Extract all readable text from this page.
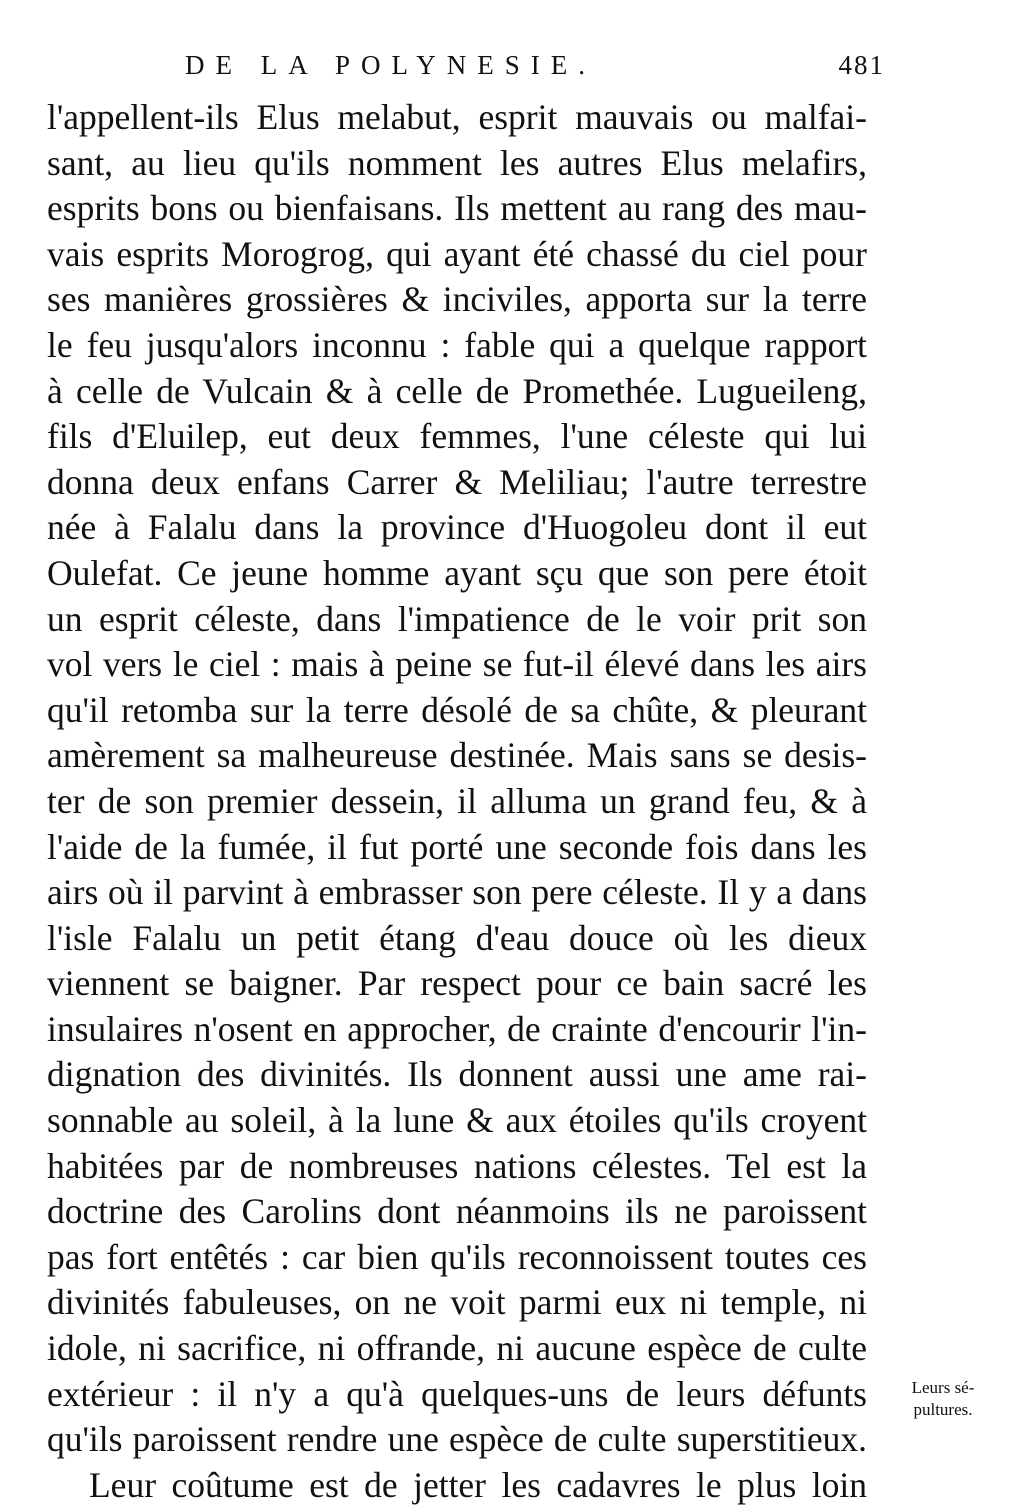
DE LA POLYNESIE.	481
l'appellent-ils Elus melabut, esprit mauvais ou malfai-
sant, au lieu qu'ils nomment les autres Elus melafirs,
esprits bons ou bienfaisans. Ils mettent au rang des mau-
vais esprits Morogrog, qui ayant été chassé du ciel pour
ses manières grossières & inciviles, apporta sur la terre
le feu jusqu'alors inconnu : fable qui a quelque rapport
à celle de Vulcain & à celle de Promethée. Lugueileng,
fils d'Eluilep, eut deux femmes, l'une céleste qui lui
donna deux enfans Carrer & Meliliau; l'autre terrestre
née à Falalu dans la province d'Huogoleu dont il eut
Oulefat. Ce jeune homme ayant sçu que son pere étoit
un esprit céleste, dans l'impatience de le voir prit son
vol vers le ciel : mais à peine se fut-il élevé dans les airs
qu'il retomba sur la terre désolé de sa chûte, & pleurant
amèrement sa malheureuse destinée. Mais sans se desis-
ter de son premier dessein, il alluma un grand feu, & à
l'aide de la fumée, il fut porté une seconde fois dans les
airs où il parvint à embrasser son pere céleste. Il y a dans
l'isle Falalu un petit étang d'eau douce où les dieux
viennent se baigner. Par respect pour ce bain sacré les
insulaires n'osent en approcher, de crainte d'encourir l'in-
dignation des divinités. Ils donnent aussi une ame rai-
sonnable au soleil, à la lune & aux étoiles qu'ils croyent
habitées par de nombreuses nations célestes. Tel est la
doctrine des Carolins dont néanmoins ils ne paroissent
pas fort entêtés : car bien qu'ils reconnoissent toutes ces
divinités fabuleuses, on ne voit parmi eux ni temple, ni
idole, ni sacrifice, ni offrande, ni aucune espèce de culte
extérieur : il n'y a qu'à quelques-uns de leurs défunts
qu'ils paroissent rendre une espèce de culte superstitieux.
Leur coûtume est de jetter les cadavres le plus loin
Leurs sé-
pultures.
